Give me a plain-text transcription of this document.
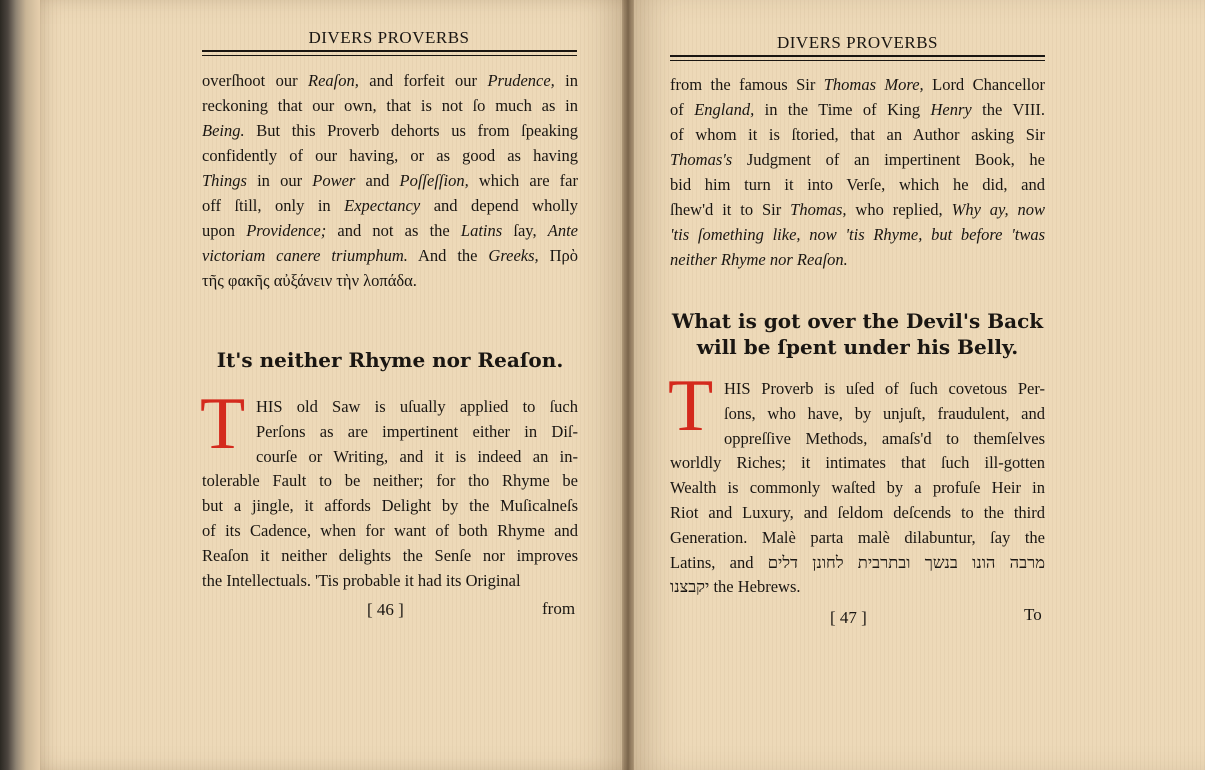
DIVERS PROVERBS

overſhoot our Reaſon, and forfeit our Prudence, in
reckoning that our own, that is not ſo much as in
Being. But this Proverb dehorts us from ſpeaking
confidently of our having, or as good as having
Things in our Power and Poſſeſſion, which are far
off ſtill, only in Expectancy and depend wholly
upon Providence; and not as the Latins ſay, Ante
victoriam canere triumphum. And the Greeks, Πρὸ
τῆς φακῆς αὐξάνειν τὴν λοπάδα.

It's neither Rhyme nor Reaſon.

T HIS old Saw is uſually applied to ſuch
Perſons as are impertinent either in Diſ-
courſe or Writing, and it is indeed an in-
tolerable Fault to be neither; for tho Rhyme be
but a jingle, it affords Delight by the Muſicalneſs
of its Cadence, when for want of both Rhyme and
Reaſon it neither delights the Senſe nor improves
the Intellectuals. 'Tis probable it had its Original

[ 46 ]	from

DIVERS PROVERBS

from the famous Sir Thomas More, Lord Chancellor
of England, in the Time of King Henry the VIII.
of whom it is ſtoried, that an Author asking Sir
Thomas's Judgment of an impertinent Book, he
bid him turn it into Verſe, which he did, and
ſhew'd it to Sir Thomas, who replied, Why ay, now
'tis ſomething like, now 'tis Rhyme, but before 'twas
neither Rhyme nor Reaſon.

What is got over the Devil's Back
will be ſpent under his Belly.

T HIS Proverb is uſed of ſuch covetous Per-
ſons, who have, by unjuſt, fraudulent, and
oppreſſive Methods, amaſs'd to themſelves
worldly Riches; it intimates that ſuch ill-gotten
Wealth is commonly waſted by a profuſe Heir in
Riot and Luxury, and ſeldom deſcends to the third
Generation. Malè parta malè dilabuntur, ſay the
Latins, and מרבה הונו בנשך ובתרבית לחונן דלים
יקבצנו the Hebrews.

[ 47 ]	To
